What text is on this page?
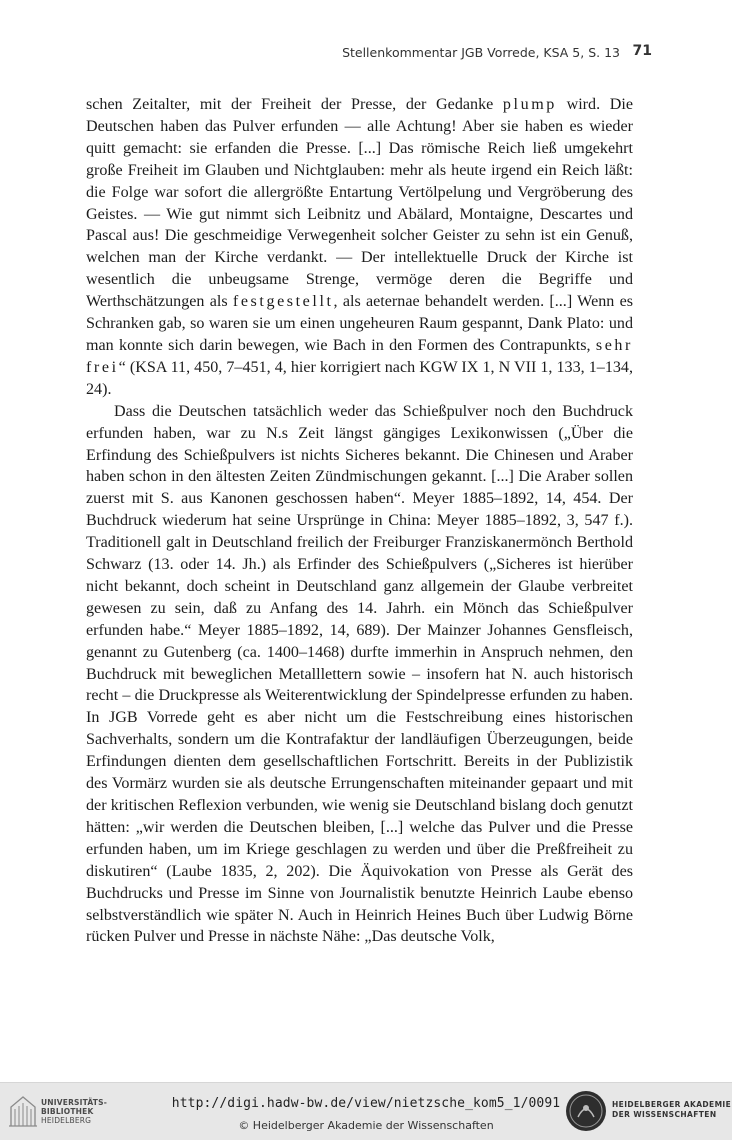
Stellenkommentar JGB Vorrede, KSA 5, S. 13 71

schen Zeitalter, mit der Freiheit der Presse, der Gedanke plump wird. Die Deutschen haben das Pulver erfunden — alle Achtung! Aber sie haben es wieder quitt gemacht: sie erfanden die Presse. [...] Das römische Reich ließ umgekehrt große Freiheit im Glauben und Nichtglauben: mehr als heute irgend ein Reich läßt: die Folge war sofort die allergrößte Entartung Vertölpelung und Vergröberung des Geistes. — Wie gut nimmt sich Leibnitz und Abälard, Montaigne, Descartes und Pascal aus! Die geschmeidige Verwegenheit solcher Geister zu sehn ist ein Genuß, welchen man der Kirche verdankt. — Der intellektuelle Druck der Kirche ist wesentlich die unbeugsame Strenge, vermöge deren die Begriffe und Werthschätzungen als festgestellt, als aeternae behandelt werden. [...] Wenn es Schranken gab, so waren sie um einen ungeheuren Raum gespannt, Dank Plato: und man konnte sich darin bewegen, wie Bach in den Formen des Contrapunkts, sehr frei“ (KSA 11, 450, 7–451, 4, hier korrigiert nach KGW IX 1, N VII 1, 133, 1–134, 24).

Dass die Deutschen tatsächlich weder das Schießpulver noch den Buchdruck erfunden haben, war zu N.s Zeit längst gängiges Lexikonwissen („Über die Erfindung des Schießpulvers ist nichts Sicheres bekannt. Die Chinesen und Araber haben schon in den ältesten Zeiten Zündmischungen gekannt. [...] Die Araber sollen zuerst mit S. aus Kanonen geschossen haben“. Meyer 1885–1892, 14, 454. Der Buchdruck wiederum hat seine Ursprünge in China: Meyer 1885–1892, 3, 547 f.). Traditionell galt in Deutschland freilich der Freiburger Franziskanermönch Berthold Schwarz (13. oder 14. Jh.) als Erfinder des Schießpulvers („Sicheres ist hierüber nicht bekannt, doch scheint in Deutschland ganz allgemein der Glaube verbreitet gewesen zu sein, daß zu Anfang des 14. Jahrh. ein Mönch das Schießpulver erfunden habe.“ Meyer 1885–1892, 14, 689). Der Mainzer Johannes Gensfleisch, genannt zu Gutenberg (ca. 1400–1468) durfte immerhin in Anspruch nehmen, den Buchdruck mit beweglichen Metalllettern sowie – insofern hat N. auch historisch recht – die Druckpresse als Weiterentwicklung der Spindelpresse erfunden zu haben. In JGB Vorrede geht es aber nicht um die Festschreibung eines historischen Sachverhalts, sondern um die Kontrafaktur der landläufigen Überzeugungen, beide Erfindungen dienten dem gesellschaftlichen Fortschritt. Bereits in der Publizistik des Vormärz wurden sie als deutsche Errungenschaften miteinander gepaart und mit der kritischen Reflexion verbunden, wie wenig sie Deutschland bislang doch genutzt hätten: „wir werden die Deutschen bleiben, [...] welche das Pulver und die Presse erfunden haben, um im Kriege geschlagen zu werden und über die Preßfreiheit zu diskutiren“ (Laube 1835, 2, 202). Die Äquivokation von Presse als Gerät des Buchdrucks und Presse im Sinne von Journalistik benutzte Heinrich Laube ebenso selbstverständlich wie später N. Auch in Heinrich Heines Buch über Ludwig Börne rücken Pulver und Presse in nächste Nähe: „Das deutsche Volk,

UNIVERSITÄTS-
BIBLIOTHEK
HEIDELBERG
http://digi.hadw-bw.de/view/nietzsche_kom5_1/0091
© Heidelberger Akademie der Wissenschaften
HEIDELBERGER AKADEMIE
DER WISSENSCHAFTEN
